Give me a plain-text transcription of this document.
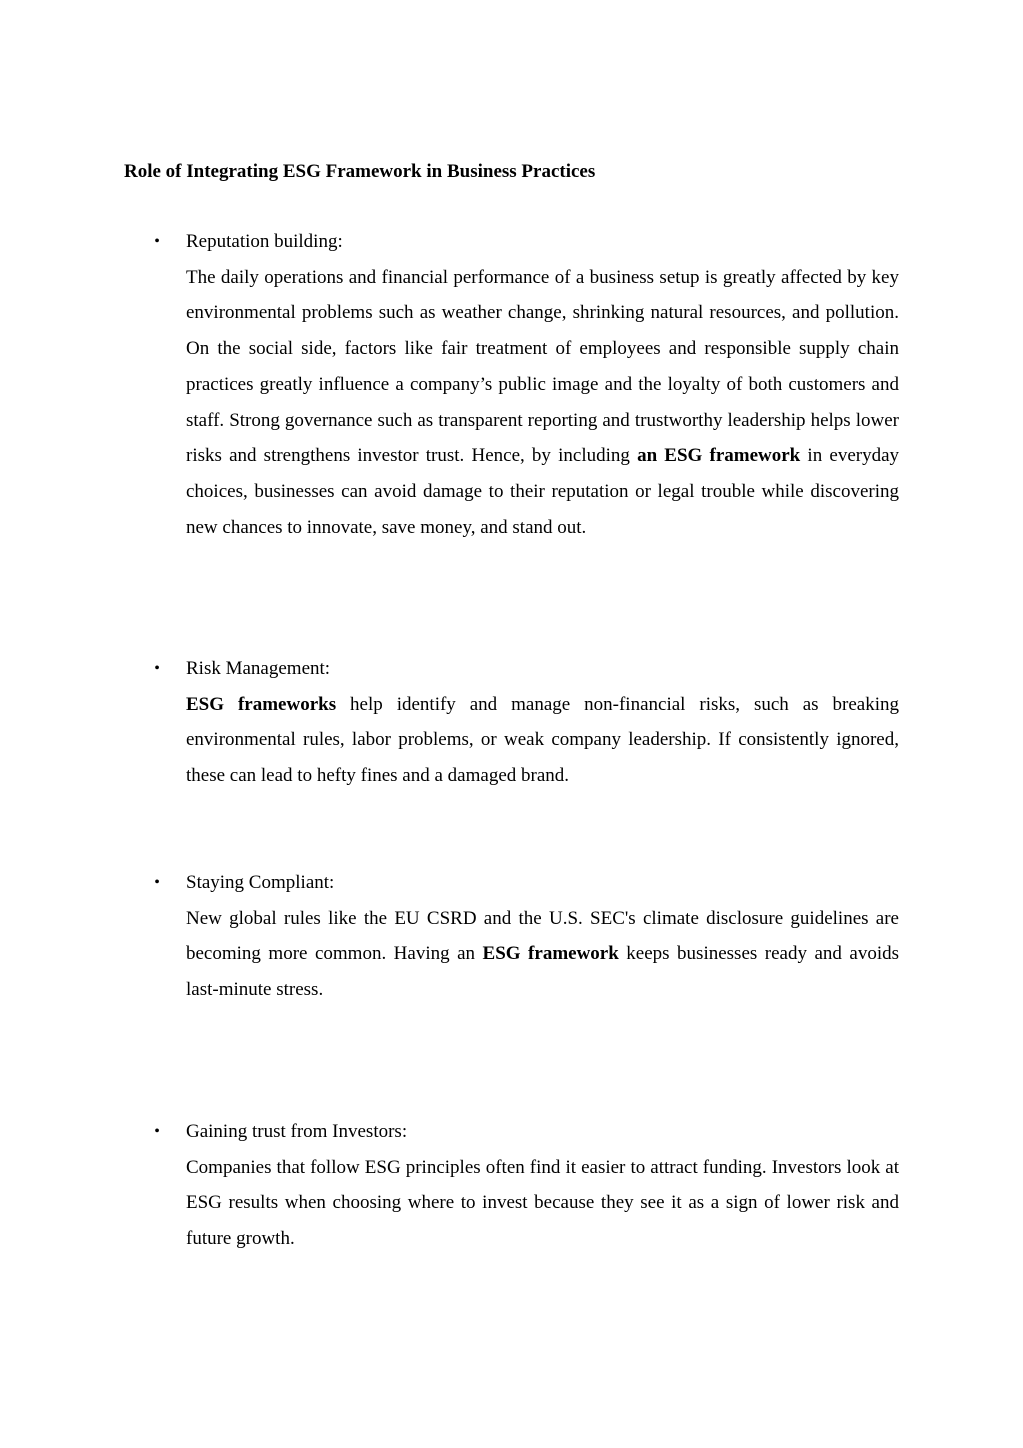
Role of Integrating ESG Framework in Business Practices
• Reputation building:

The daily operations and financial performance of a business setup is greatly affected by key environmental problems such as weather change, shrinking natural resources, and pollution. On the social side, factors like fair treatment of employees and responsible supply chain practices greatly influence a company’s public image and the loyalty of both customers and staff. Strong governance such as transparent reporting and trustworthy leadership helps lower risks and strengthens investor trust. Hence, by including an ESG framework in everyday choices, businesses can avoid damage to their reputation or legal trouble while discovering new chances to innovate, save money, and stand out.

• Risk Management:

ESG frameworks help identify and manage non-financial risks, such as breaking environmental rules, labor problems, or weak company leadership. If consistently ignored, these can lead to hefty fines and a damaged brand.

• Staying Compliant:

New global rules like the EU CSRD and the U.S. SEC's climate disclosure guidelines are becoming more common. Having an ESG framework keeps businesses ready and avoids last-minute stress.

• Gaining trust from Investors:

Companies that follow ESG principles often find it easier to attract funding. Investors look at ESG results when choosing where to invest because they see it as a sign of lower risk and future growth.
